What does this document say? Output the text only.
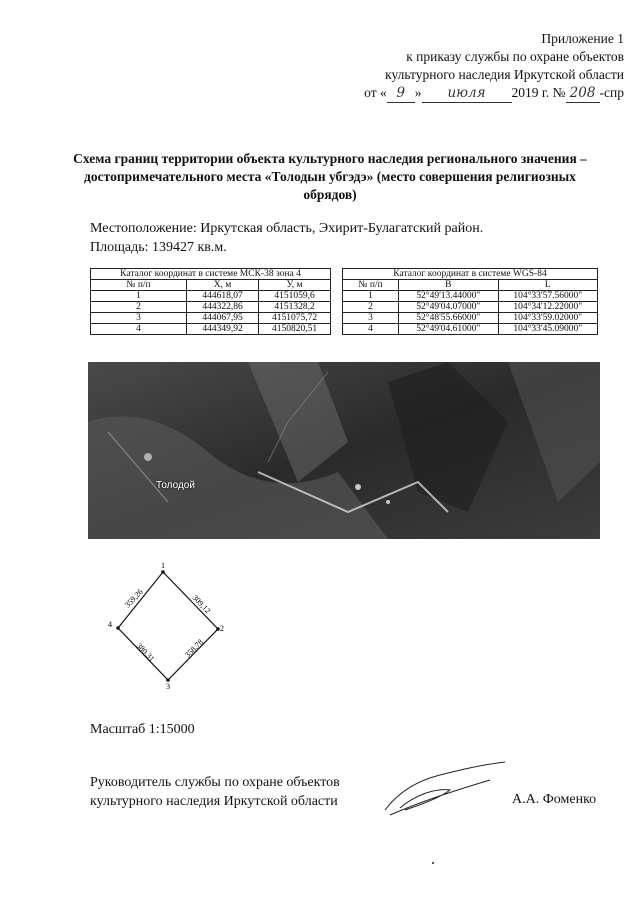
Приложение 1
к приказу службы по охране объектов
культурного наследия Иркутской области
от « 9 » июля 2019 г. № 208 -спр
Схема границ территории объекта культурного наследия регионального значения – достопримечательного места «Толодын убгэдэ» (место совершения религиозных обрядов)
Местоположение: Иркутская область, Эхирит-Булагатский район.
Площадь: 139427 кв.м.
Каталог координат в системе МСК-38 зона 4		
№ п/п	X, м	У, м
1	444618,07	4151059,6
2	444322,86	4151328,2
3	444067,95	4151075,72
4	444349,92	4150820,51
Каталог координат в системе WGS-84		
№ п/п	B	L
1	52°49'13.44000"	104°33'57.56000"
2	52°49'04.07000"	104°34'12.22000"
3	52°48'55.66000"	104°33'59.02000"
4	52°49'04.61000"	104°33'45.09000"
Толодой
1
2
3
4
309,12
358,78
380,31
359,26
Масштаб 1:15000
Руководитель службы по охране объектов
культурного наследия Иркутской области	А.А. Фоменко
